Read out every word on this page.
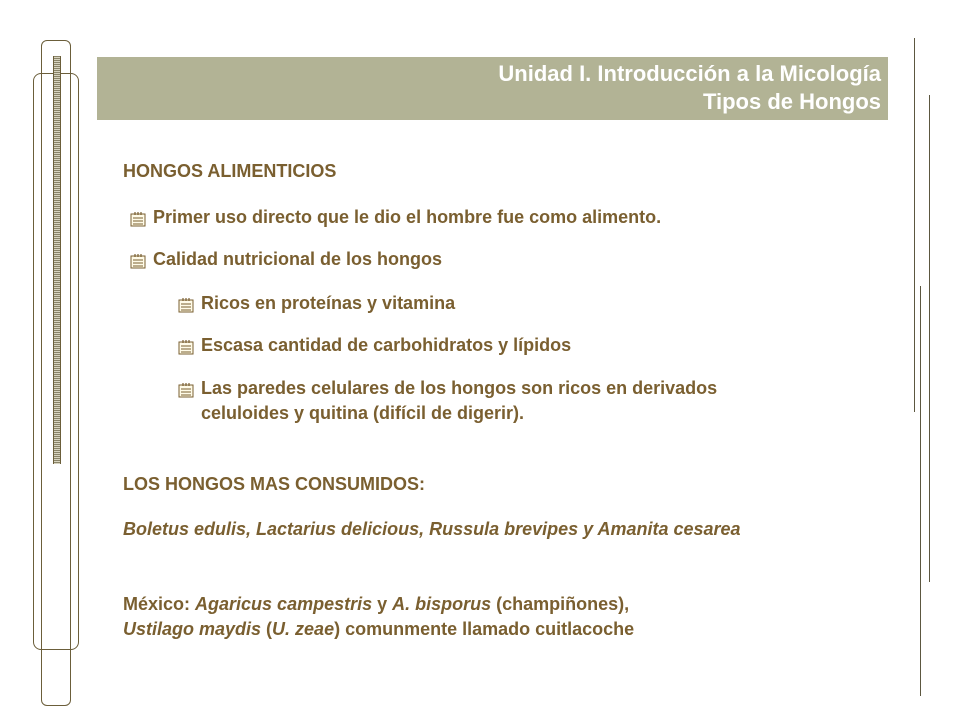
Unidad I. Introducción a la Micología
Tipos de Hongos
HONGOS ALIMENTICIOS
Primer uso directo que le dio el hombre fue como alimento.
Calidad nutricional de los hongos
Ricos en proteínas y vitamina
Escasa cantidad de carbohidratos y lípidos
Las paredes celulares de los hongos son ricos en derivados celuloides y quitina (difícil de digerir).
LOS HONGOS MAS CONSUMIDOS:
Boletus edulis, Lactarius delicious, Russula brevipes y Amanita cesarea
México: Agaricus campestris y A. bisporus (champiñones),
Ustilago maydis (U. zeae) comunmente llamado cuitlacoche
